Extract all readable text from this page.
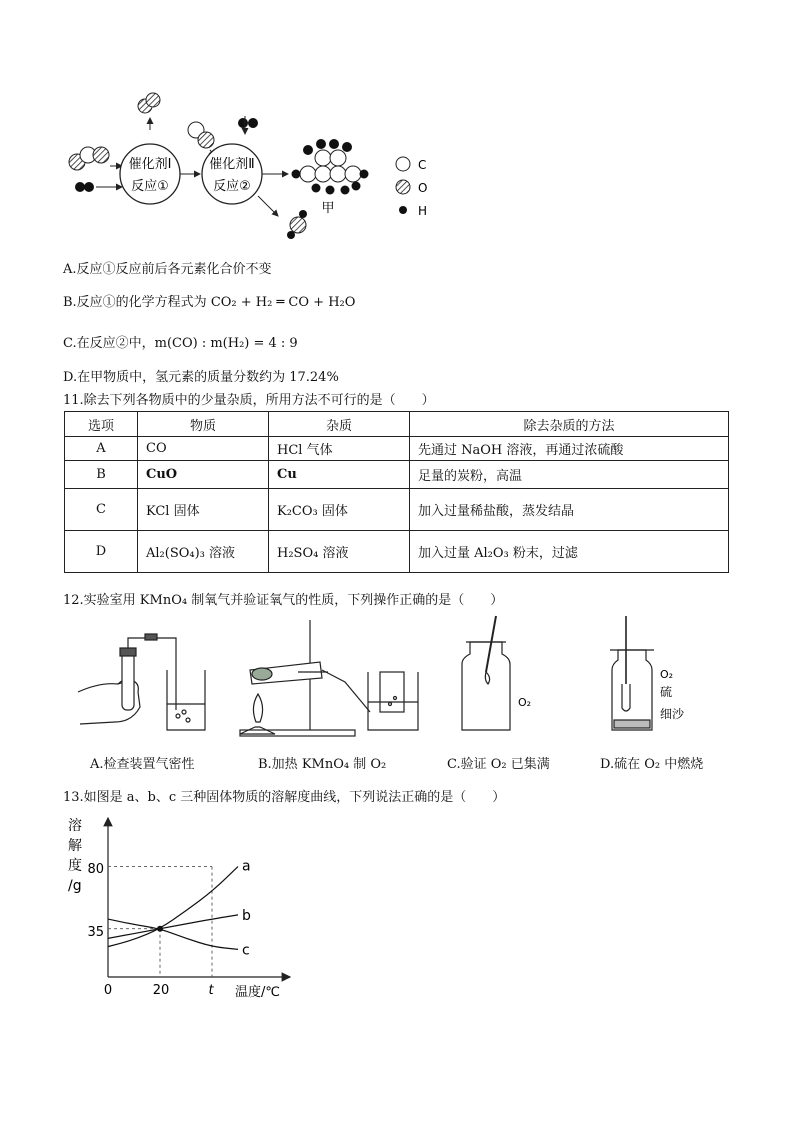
催化剂Ⅰ
反应①
催化剂Ⅱ
反应②
甲
C
O
H
A.反应①反应前后各元素化合价不变
B.反应①的化学方程式为 CO₂ + H₂ ═ CO + H₂O
C.在反应②中，m(CO) : m(H₂) = 4 : 9
D.在甲物质中，氢元素的质量分数约为 17.24%
11.除去下列各物质中的少量杂质，所用方法不可行的是（　　）
选项	物质	杂质	除去杂质的方法
A	CO	HCl 气体	先通过 NaOH 溶液，再通过浓硫酸
B	CuO	Cu	足量的炭粉，高温
C	KCl 固体	K₂CO₃ 固体	加入过量稀盐酸，蒸发结晶
D	Al₂(SO₄)₃ 溶液	H₂SO₄ 溶液	加入过量 Al₂O₃ 粉末，过滤
12.实验室用 KMnO₄ 制氧气并验证氧气的性质，下列操作正确的是（　　）
O₂
O₂
硫
细沙
A.检查装置气密性	B.加热 KMnO₄ 制 O₂	C.验证 O₂ 已集满	D.硫在 O₂ 中燃烧
13.如图是 a、b、c 三种固体物质的溶解度曲线，下列说法正确的是（　　）
溶
解
度
/g
温度/℃
0	20	t
35
80	a
b
c
